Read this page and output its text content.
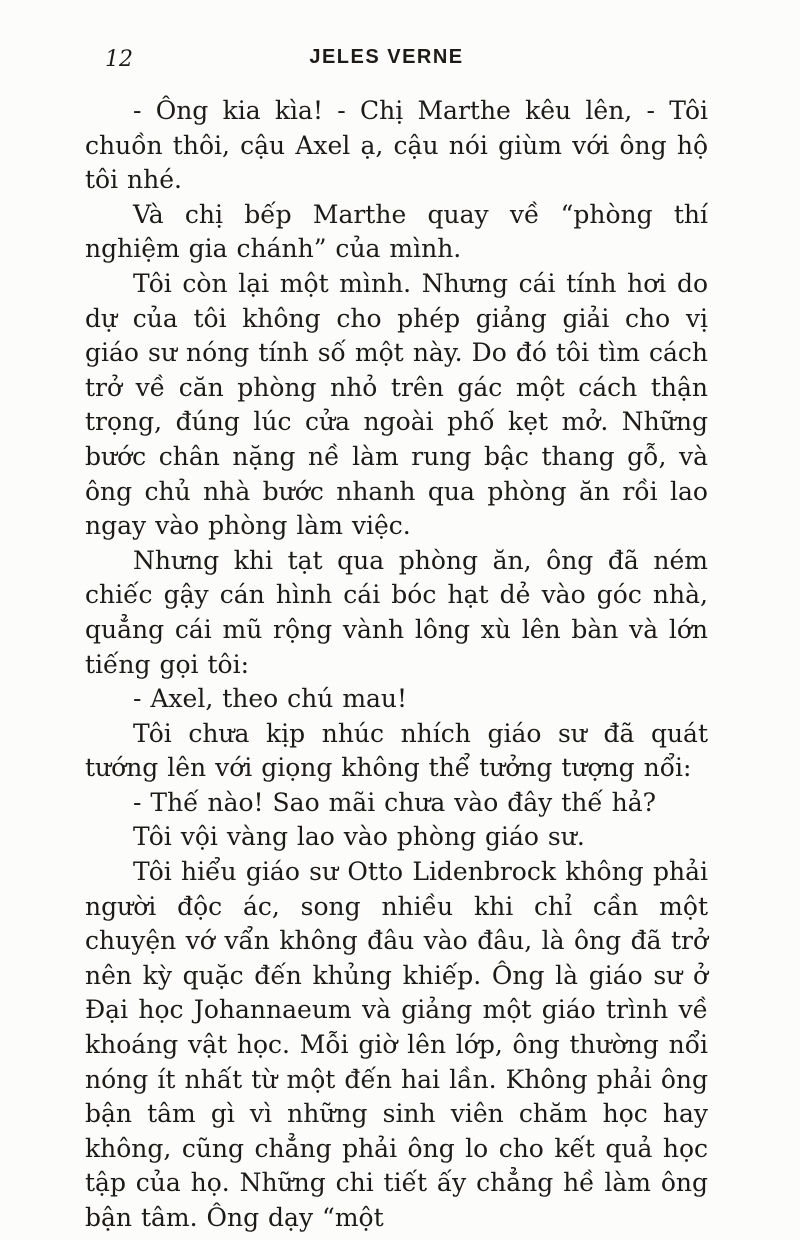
12	JELES VERNE

- Ông kia kìa! - Chị Marthe kêu lên, - Tôi chuồn thôi, cậu Axel ạ, cậu nói giùm với ông hộ tôi nhé.

Và chị bếp Marthe quay về “phòng thí nghiệm gia chánh” của mình.

Tôi còn lại một mình. Nhưng cái tính hơi do dự của tôi không cho phép giảng giải cho vị giáo sư nóng tính số một này. Do đó tôi tìm cách trở về căn phòng nhỏ trên gác một cách thận trọng, đúng lúc cửa ngoài phố kẹt mở. Những bước chân nặng nề làm rung bậc thang gỗ, và ông chủ nhà bước nhanh qua phòng ăn rồi lao ngay vào phòng làm việc.

Nhưng khi tạt qua phòng ăn, ông đã ném chiếc gậy cán hình cái bóc hạt dẻ vào góc nhà, quẳng cái mũ rộng vành lông xù lên bàn và lớn tiếng gọi tôi:

- Axel, theo chú mau!

Tôi chưa kịp nhúc nhích giáo sư đã quát tướng lên với giọng không thể tưởng tượng nổi:

- Thế nào! Sao mãi chưa vào đây thế hả?

Tôi vội vàng lao vào phòng giáo sư.

Tôi hiểu giáo sư Otto Lidenbrock không phải người độc ác, song nhiều khi chỉ cần một chuyện vớ vẩn không đâu vào đâu, là ông đã trở nên kỳ quặc đến khủng khiếp. Ông là giáo sư ở Đại học Johannaeum và giảng một giáo trình về khoáng vật học. Mỗi giờ lên lớp, ông thường nổi nóng ít nhất từ một đến hai lần. Không phải ông bận tâm gì vì những sinh viên chăm học hay không, cũng chẳng phải ông lo cho kết quả học tập của họ. Những chi tiết ấy chẳng hề làm ông bận tâm. Ông dạy “một
